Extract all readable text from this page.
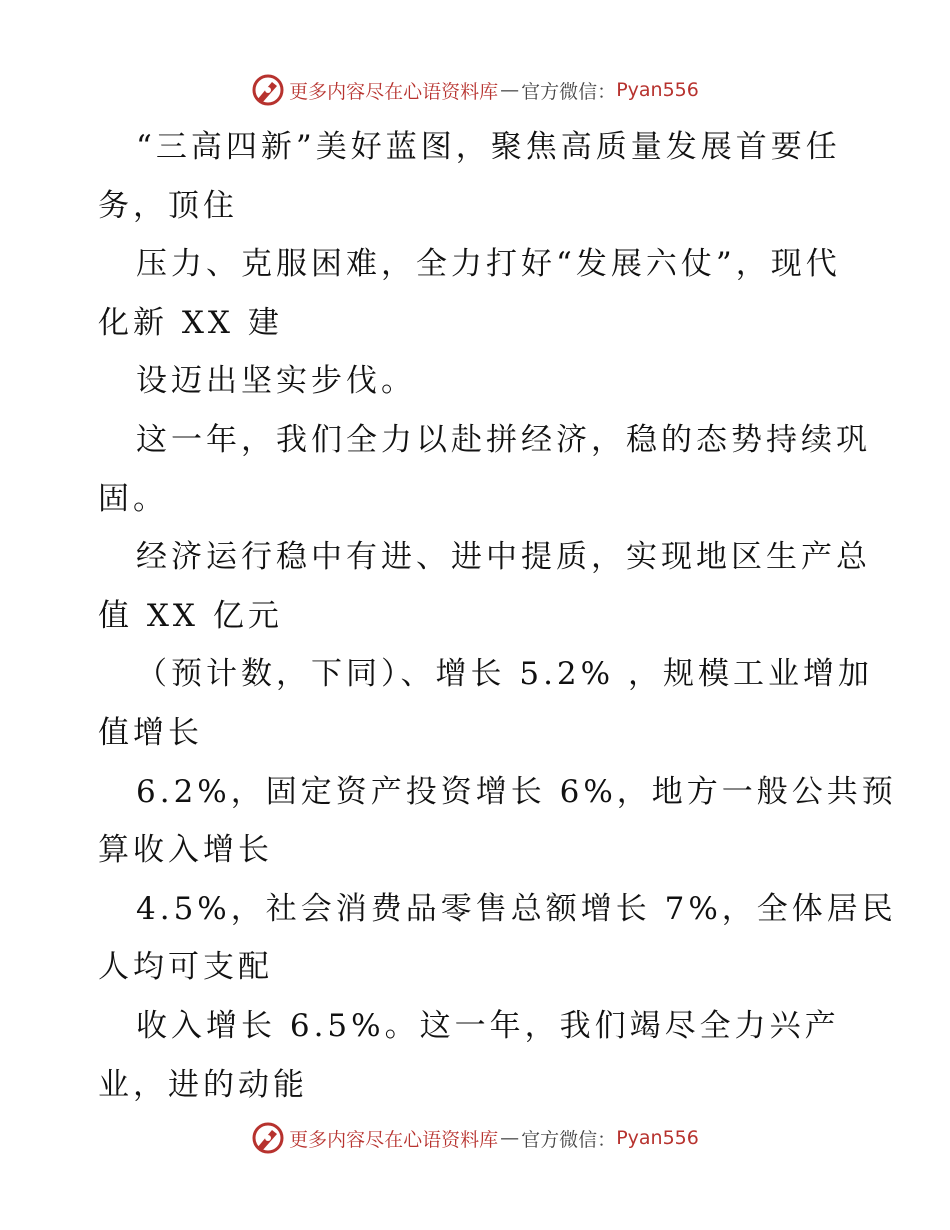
更多内容尽在心语资料库 — 官方微信： Pyan556
“三高四新”美好蓝图，聚焦高质量发展首要任
务，顶住
压力、克服困难，全力打好“发展六仗”，现代
化新 XX 建
设迈出坚实步伐。
这一年，我们全力以赴拼经济，稳的态势持续巩
固。
经济运行稳中有进、进中提质，实现地区生产总
值 XX 亿元
（预计数，下同）、增长 5.2% ，规模工业增加
值增长
6.2%，固定资产投资增长 6%，地方一般公共预
算收入增长
4.5%，社会消费品零售总额增长 7%，全体居民
人均可支配
收入增长 6.5%。这一年，我们竭尽全力兴产
业，进的动能
更多内容尽在心语资料库 — 官方微信： Pyan556
